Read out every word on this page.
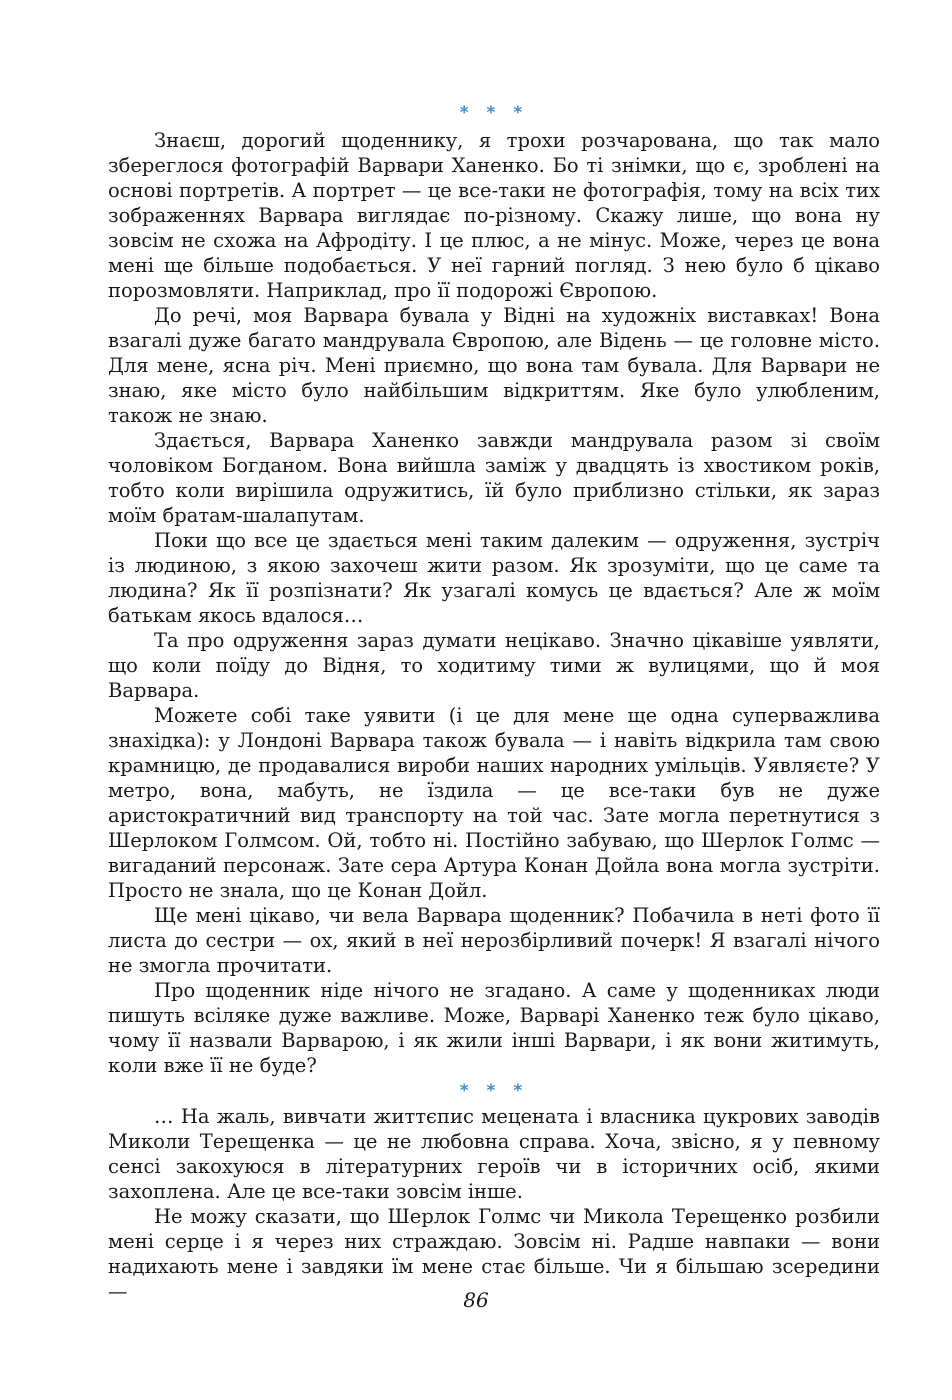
* * *

Знаєш, дорогий щоденнику, я трохи розчарована, що так мало збереглося фотографій Варвари Ханенко. Бо ті знімки, що є, зроблені на основі портретів. А портрет — це все-таки не фотографія, тому на всіх тих зображеннях Варвара виглядає по-різному. Скажу лише, що вона ну зовсім не схожа на Афродіту. І це плюс, а не мінус. Може, через це вона мені ще більше подобається. У неї гарний погляд. З нею було б цікаво порозмовляти. Наприклад, про її подорожі Європою.

До речі, моя Варвара бувала у Відні на художніх виставках! Вона взагалі дуже багато мандрувала Європою, але Відень — це головне місто. Для мене, ясна річ. Мені приємно, що вона там бувала. Для Варвари не знаю, яке місто було найбільшим відкриттям. Яке було улюбленим, також не знаю.

Здається, Варвара Ханенко завжди мандрувала разом зі своїм чоловіком Богданом. Вона вийшла заміж у двадцять із хвостиком років, тобто коли вирішила одружитись, їй було приблизно стільки, як зараз моїм братам-шалапутам.

Поки що все це здається мені таким далеким — одруження, зустріч із людиною, з якою захочеш жити разом. Як зрозуміти, що це саме та людина? Як її розпізнати? Як узагалі комусь це вдається? Але ж моїм батькам якось вдалося…

Та про одруження зараз думати нецікаво. Значно цікавіше уявляти, що коли поїду до Відня, то ходитиму тими ж вулицями, що й моя Варвара.

Можете собі таке уявити (і це для мене ще одна суперважлива знахідка): у Лондоні Варвара також бувала — і навіть відкрила там свою крамницю, де продавалися вироби наших народних умільців. Уявляєте? У метро, вона, мабуть, не їздила — це все-таки був не дуже аристократичний вид транспорту на той час. Зате могла перетнутися з Шерлоком Голмсом. Ой, тобто ні. Постійно забуваю, що Шерлок Голмс — вигаданий персонаж. Зате сера Артура Конан Дойла вона могла зустріти. Просто не знала, що це Конан Дойл.

Ще мені цікаво, чи вела Варвара щоденник? Побачила в неті фото її листа до сестри — ох, який в неї нерозбірливий почерк! Я взагалі нічого не змогла прочитати.

Про щоденник ніде нічого не згадано. А саме у щоденниках люди пишуть всіляке дуже важливе. Може, Варварі Ханенко теж було цікаво, чому її назвали Варварою, і як жили інші Варвари, і як вони житимуть, коли вже її не буде?

* * *

… На жаль, вивчати життєпис мецената і власника цукрових заводів Миколи Терещенка — це не любовна справа. Хоча, звісно, я у певному сенсі закохуюся в літературних героїв чи в історичних осіб, якими захоплена. Але це все-таки зовсім інше.

Не можу сказати, що Шерлок Голмс чи Микола Терещенко розбили мені серце і я через них страждаю. Зовсім ні. Радше навпаки — вони надихають мене і завдяки їм мене стає більше. Чи я більшаю зсередини —	86
